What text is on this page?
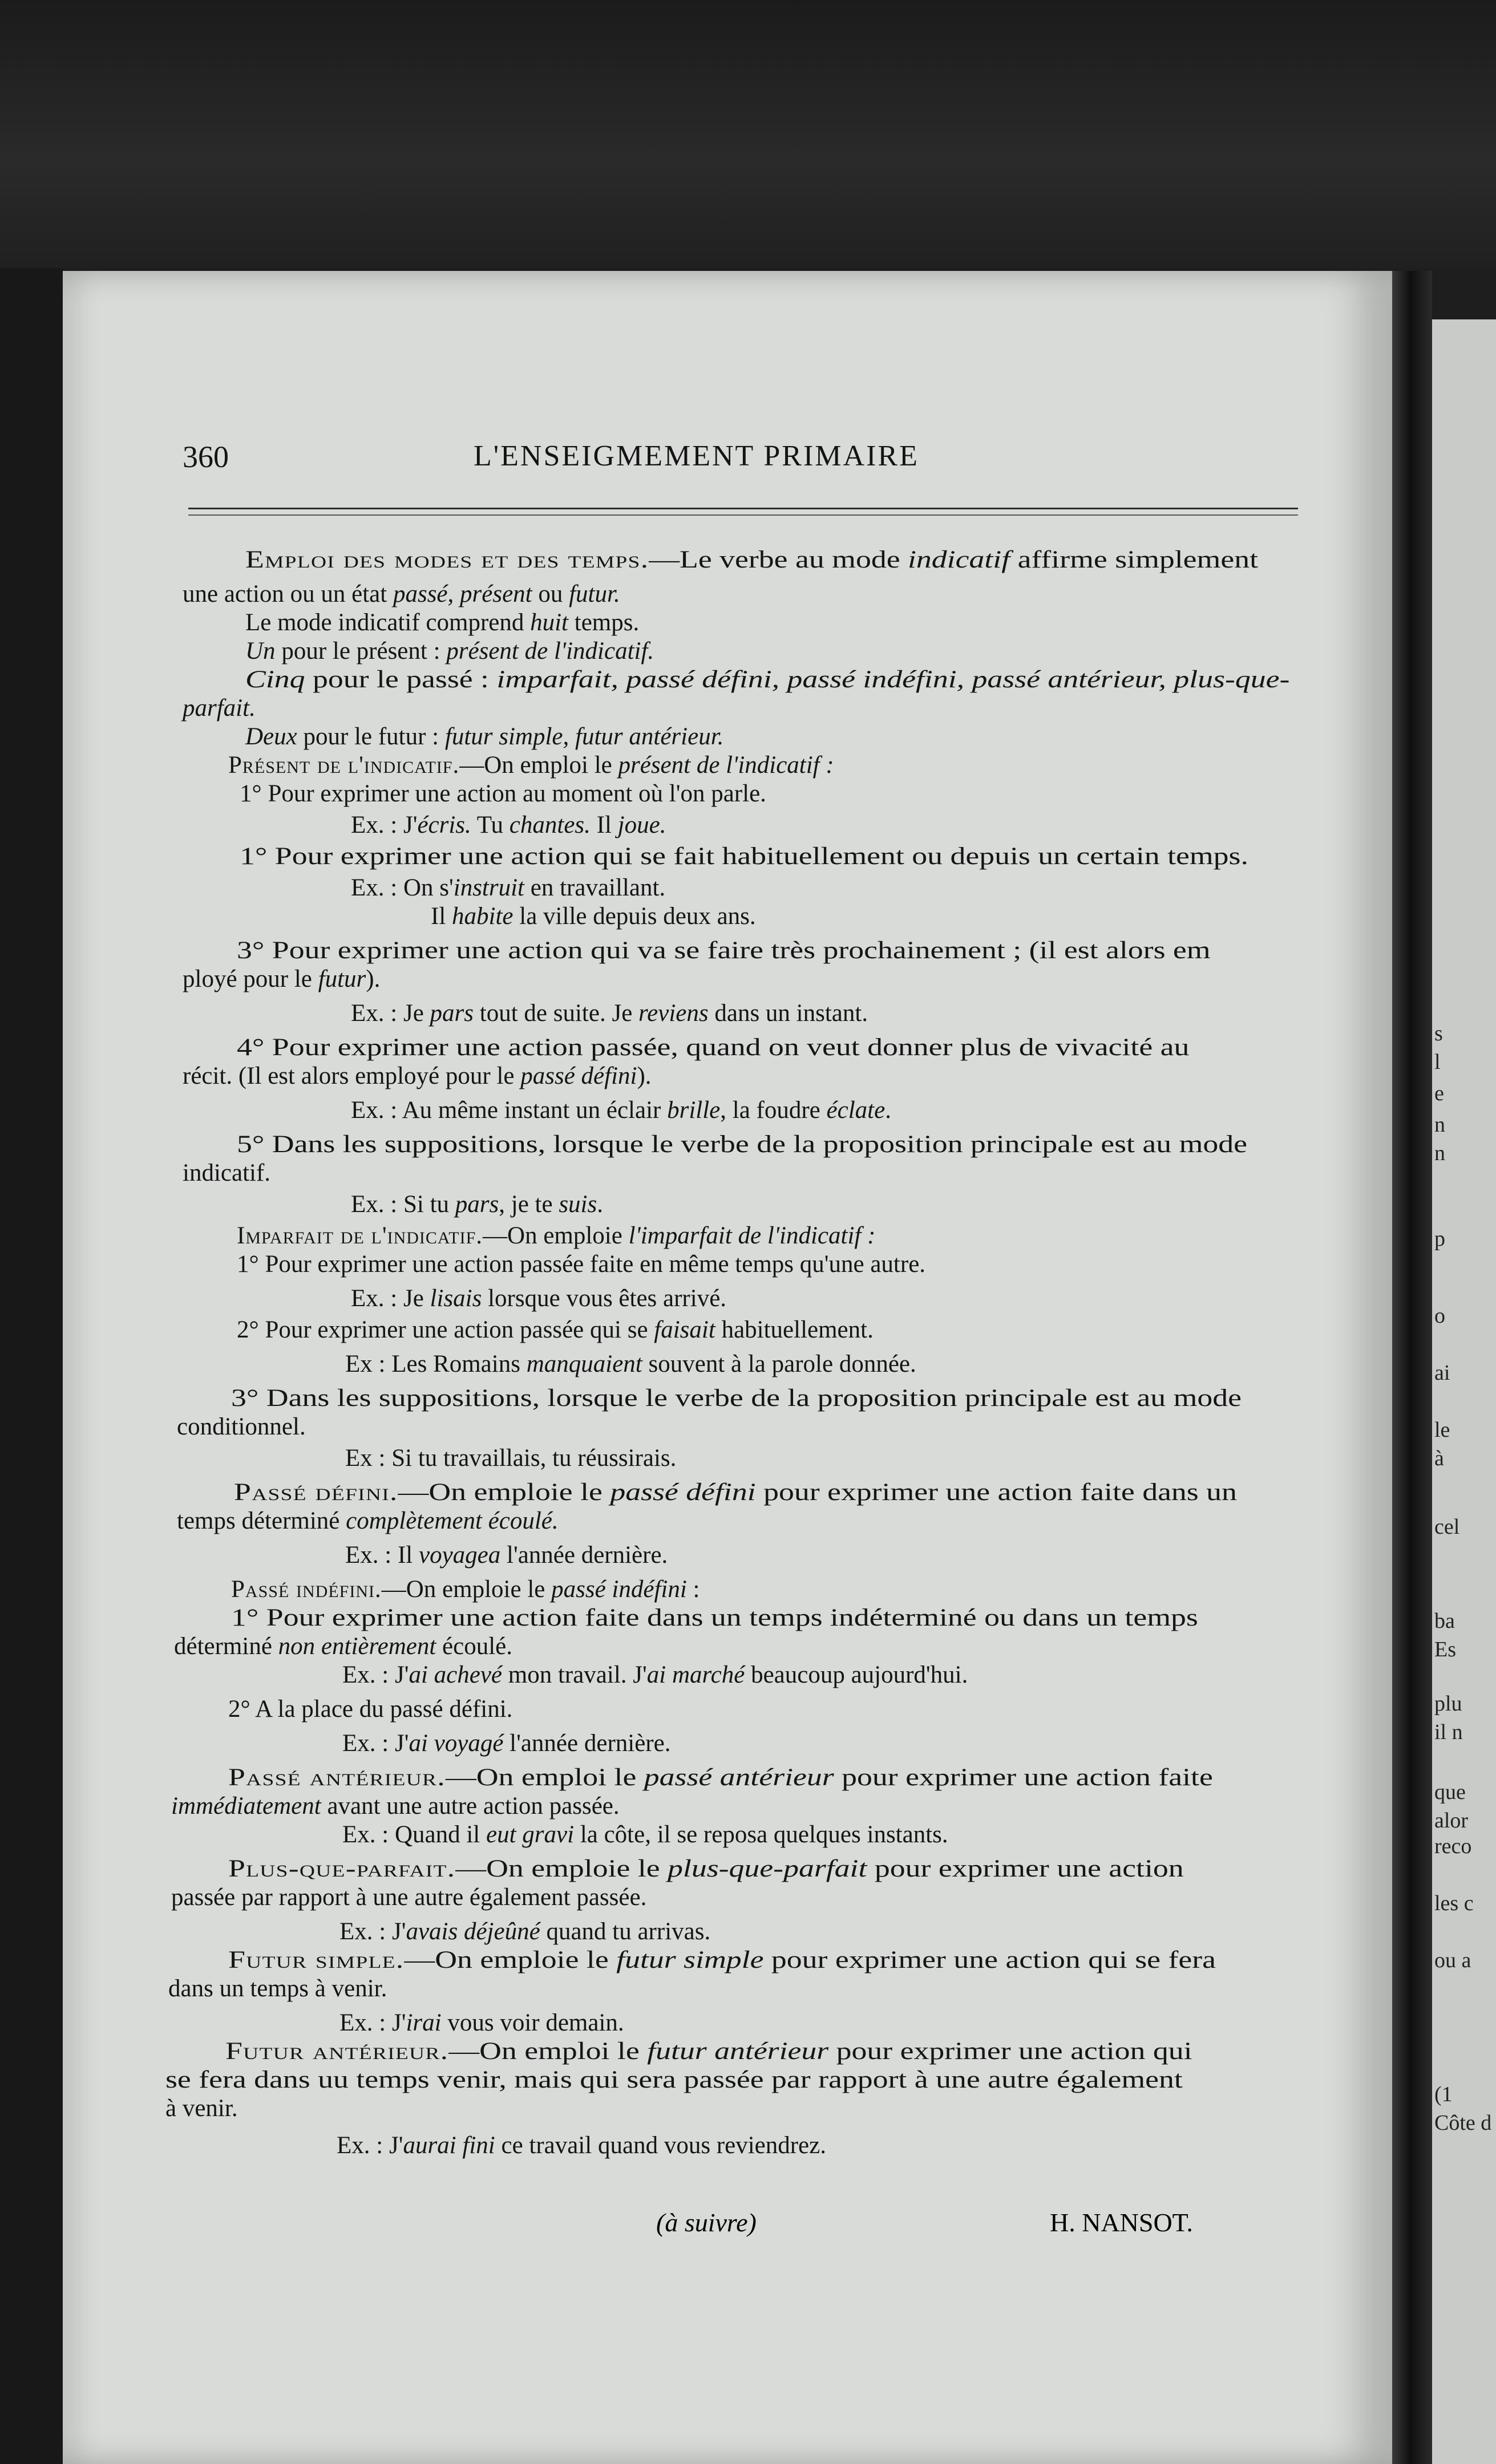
360	L'ENSEIGMEMENT PRIMAIRE
Emploi des modes et des temps.—Le verbe au mode indicatif affirme simplement
une action ou un état passé, présent ou futur.
Le mode indicatif comprend huit temps.
Un pour le présent : présent de l'indicatif.
Cinq pour le passé : imparfait, passé défini, passé indéfini, passé antérieur, plus-que-
parfait.
Deux pour le futur : futur simple, futur antérieur.
Présent de l'indicatif.—On emploi le présent de l'indicatif :
1° Pour exprimer une action au moment où l'on parle.
Ex. : J'écris. Tu chantes. Il joue.
1° Pour exprimer une action qui se fait habituellement ou depuis un certain temps.
Ex. : On s'instruit en travaillant.
Il habite la ville depuis deux ans.
3° Pour exprimer une action qui va se faire très prochainement ; (il est alors em
ployé pour le futur).
Ex. : Je pars tout de suite. Je reviens dans un instant.
4° Pour exprimer une action passée, quand on veut donner plus de vivacité au
récit. (Il est alors employé pour le passé défini).
Ex. : Au même instant un éclair brille, la foudre éclate.
5° Dans les suppositions, lorsque le verbe de la proposition principale est au mode
indicatif.
Ex. : Si tu pars, je te suis.
Imparfait de l'indicatif.—On emploie l'imparfait de l'indicatif :
1° Pour exprimer une action passée faite en même temps qu'une autre.
Ex. : Je lisais lorsque vous êtes arrivé.
2° Pour exprimer une action passée qui se faisait habituellement.
Ex : Les Romains manquaient souvent à la parole donnée.
3° Dans les suppositions, lorsque le verbe de la proposition principale est au mode
conditionnel.
Ex : Si tu travaillais, tu réussirais.
Passé défini.—On emploie le passé défini pour exprimer une action faite dans un
temps déterminé complètement écoulé.
Ex. : Il voyagea l'année dernière.
Passé indéfini.—On emploie le passé indéfini :
1° Pour exprimer une action faite dans un temps indéterminé ou dans un temps
déterminé non entièrement écoulé.
Ex. : J'ai achevé mon travail. J'ai marché beaucoup aujourd'hui.
2° A la place du passé défini.
Ex. : J'ai voyagé l'année dernière.
Passé antérieur.—On emploi le passé antérieur pour exprimer une action faite
immédiatement avant une autre action passée.
Ex. : Quand il eut gravi la côte, il se reposa quelques instants.
Plus-que-parfait.—On emploie le plus-que-parfait pour exprimer une action
passée par rapport à une autre également passée.
Ex. : J'avais déjeûné quand tu arrivas.
Futur simple.—On emploie le futur simple pour exprimer une action qui se fera
dans un temps à venir.
Ex. : J'irai vous voir demain.
Futur antérieur.—On emploi le futur antérieur pour exprimer une action qui
se fera dans uu temps venir, mais qui sera passée par rapport à une autre également
à venir.
Ex. : J'aurai fini ce travail quand vous reviendrez.
(à suivre)	H. NANSOT.
s
l
e
n
n
p
o
ai
le
à
cel
ba
Es
plu
il n
que
alor
reco
les c
ou a
(1
Côte d
